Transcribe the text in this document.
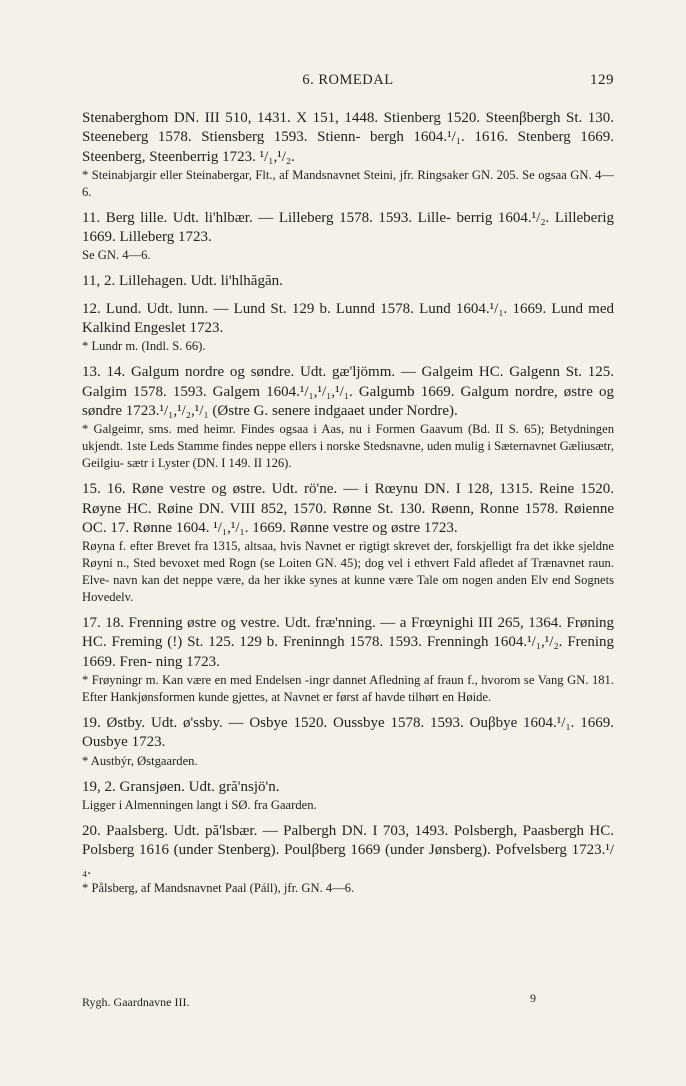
6. ROMEDAL	129

Stenaberghom DN. III 510, 1431. X 151, 1448. Stienberg 1520. Steenβbergh St. 130. Steeneberg 1578. Stiensberg 1593. Stienn- bergh 1604.¹/₁. 1616. Stenberg 1669. Steenberg, Steenberrig 1723. ¹/₁,¹/₂.

* Steinabjargir eller Steinabergar, Flt., af Mandsnavnet Steini, jfr. Ringsaker GN. 205. Se ogsaa GN. 4—6.

11. Berg lille. Udt. li'hlbær. — Lilleberg 1578. 1593. Lille- berrig 1604.¹/₂. Lilleberig 1669. Lilleberg 1723.

Se GN. 4—6.

11, 2. Lillehagen. Udt. li'hlhăgăn.

12. Lund. Udt. lunn. — Lund St. 129 b. Lunnd 1578. Lund 1604.¹/₁. 1669. Lund med Kalkind Engeslet 1723.

* Lundr m. (Indl. S. 66).

13. 14. Galgum nordre og søndre. Udt. gæ'ljömm. — Galgeim HC. Galgenn St. 125. Galgim 1578. 1593. Galgem 1604.¹/₁,¹/₁,¹/₁. Galgumb 1669. Galgum nordre, østre og søndre 1723.¹/₁,¹/₂,¹/₁ (Østre G. senere indgaaet under Nordre).

* Galgeimr, sms. med heimr. Findes ogsaa i Aas, nu i Formen Gaavum (Bd. II S. 65); Betydningen ukjendt. 1ste Leds Stamme findes neppe ellers i norske Stedsnavne, uden mulig i Sæternavnet Gæliusætr, Geilgiu- sætr i Lyster (DN. I 149. II 126).

15. 16. Røne vestre og østre. Udt. rö'ne. — i Rœynu DN. I 128, 1315. Reine 1520. Røyne HC. Røine DN. VIII 852, 1570. Rønne St. 130. Røenn, Ronne 1578. Røienne OC. 17. Rønne 1604. ¹/₁,¹/₁. 1669. Rønne vestre og østre 1723.

Røyna f. efter Brevet fra 1315, altsaa, hvis Navnet er rigtigt skrevet der, forskjelligt fra det ikke sjeldne Røyni n., Sted bevoxet med Rogn (se Loiten GN. 45); dog vel i ethvert Fald afledet af Trænavnet raun. Elve- navn kan det neppe være, da her ikke synes at kunne være Tale om nogen anden Elv end Sognets Hovedelv.

17. 18. Frenning østre og vestre. Udt. fræ'nning. — a Frœynighi III 265, 1364. Frøning HC. Freming (!) St. 125. 129 b. Freninngh 1578. 1593. Frenningh 1604.¹/₁,¹/₂. Frening 1669. Fren- ning 1723.

* Frøyningr m. Kan være en med Endelsen -ingr dannet Afledning af fraun f., hvorom se Vang GN. 181. Efter Hankjønsformen kunde gjettes, at Navnet er først af havde tilhørt en Høide.

19. Østby. Udt. ø'ssby. — Osbye 1520. Oussbye 1578. 1593. Ouβbye 1604.¹/₁. 1669. Ousbye 1723.

* Austbýr, Østgaarden.

19, 2. Gransjøen. Udt. gră'nsjö'n.

Ligger i Almenningen langt i SØ. fra Gaarden.

20. Paalsberg. Udt. pă'lsbær. — Palbergh DN. I 703, 1493. Polsbergh, Paasbergh HC. Polsberg 1616 (under Stenberg). Poulβberg 1669 (under Jønsberg). Pofvelsberg 1723.¹/₄.

* Pålsberg, af Mandsnavnet Paal (Páll), jfr. GN. 4—6.

Rygh. Gaardnavne III.	9
